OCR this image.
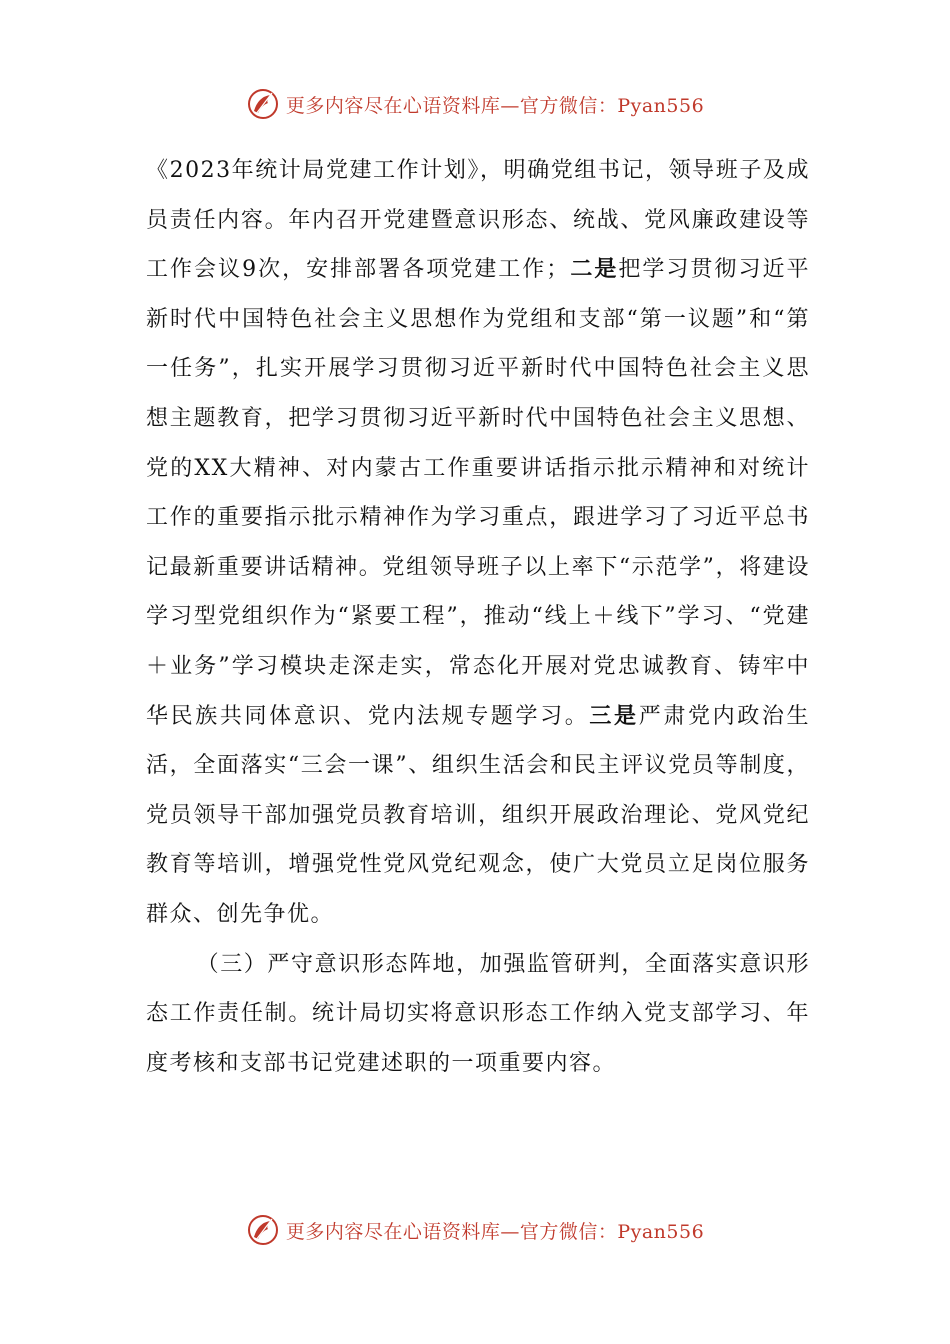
更多内容尽在心语资料库—官方微信：Pyan556

《2023年统计局党建工作计划》，明确党组书记，领导班子及成员责任内容。年内召开党建暨意识形态、统战、党风廉政建设等工作会议9次，安排部署各项党建工作；二是把学习贯彻习近平新时代中国特色社会主义思想作为党组和支部“第一议题”和“第一任务”，扎实开展学习贯彻习近平新时代中国特色社会主义思想主题教育，把学习贯彻习近平新时代中国特色社会主义思想、党的XX大精神、对内蒙古工作重要讲话指示批示精神和对统计工作的重要指示批示精神作为学习重点，跟进学习了习近平总书记最新重要讲话精神。党组领导班子以上率下“示范学”，将建设学习型党组织作为“紧要工程”，推动“线上＋线下”学习、“党建＋业务”学习模块走深走实，常态化开展对党忠诚教育、铸牢中华民族共同体意识、党内法规专题学习。三是严肃党内政治生活，全面落实“三会一课”、组织生活会和民主评议党员等制度，党员领导干部加强党员教育培训，组织开展政治理论、党风党纪教育等培训，增强党性党风党纪观念，使广大党员立足岗位服务群众、创先争优。

（三）严守意识形态阵地，加强监管研判，全面落实意识形态工作责任制。统计局切实将意识形态工作纳入党支部学习、年度考核和支部书记党建述职的一项重要内容。

更多内容尽在心语资料库—官方微信：Pyan556
